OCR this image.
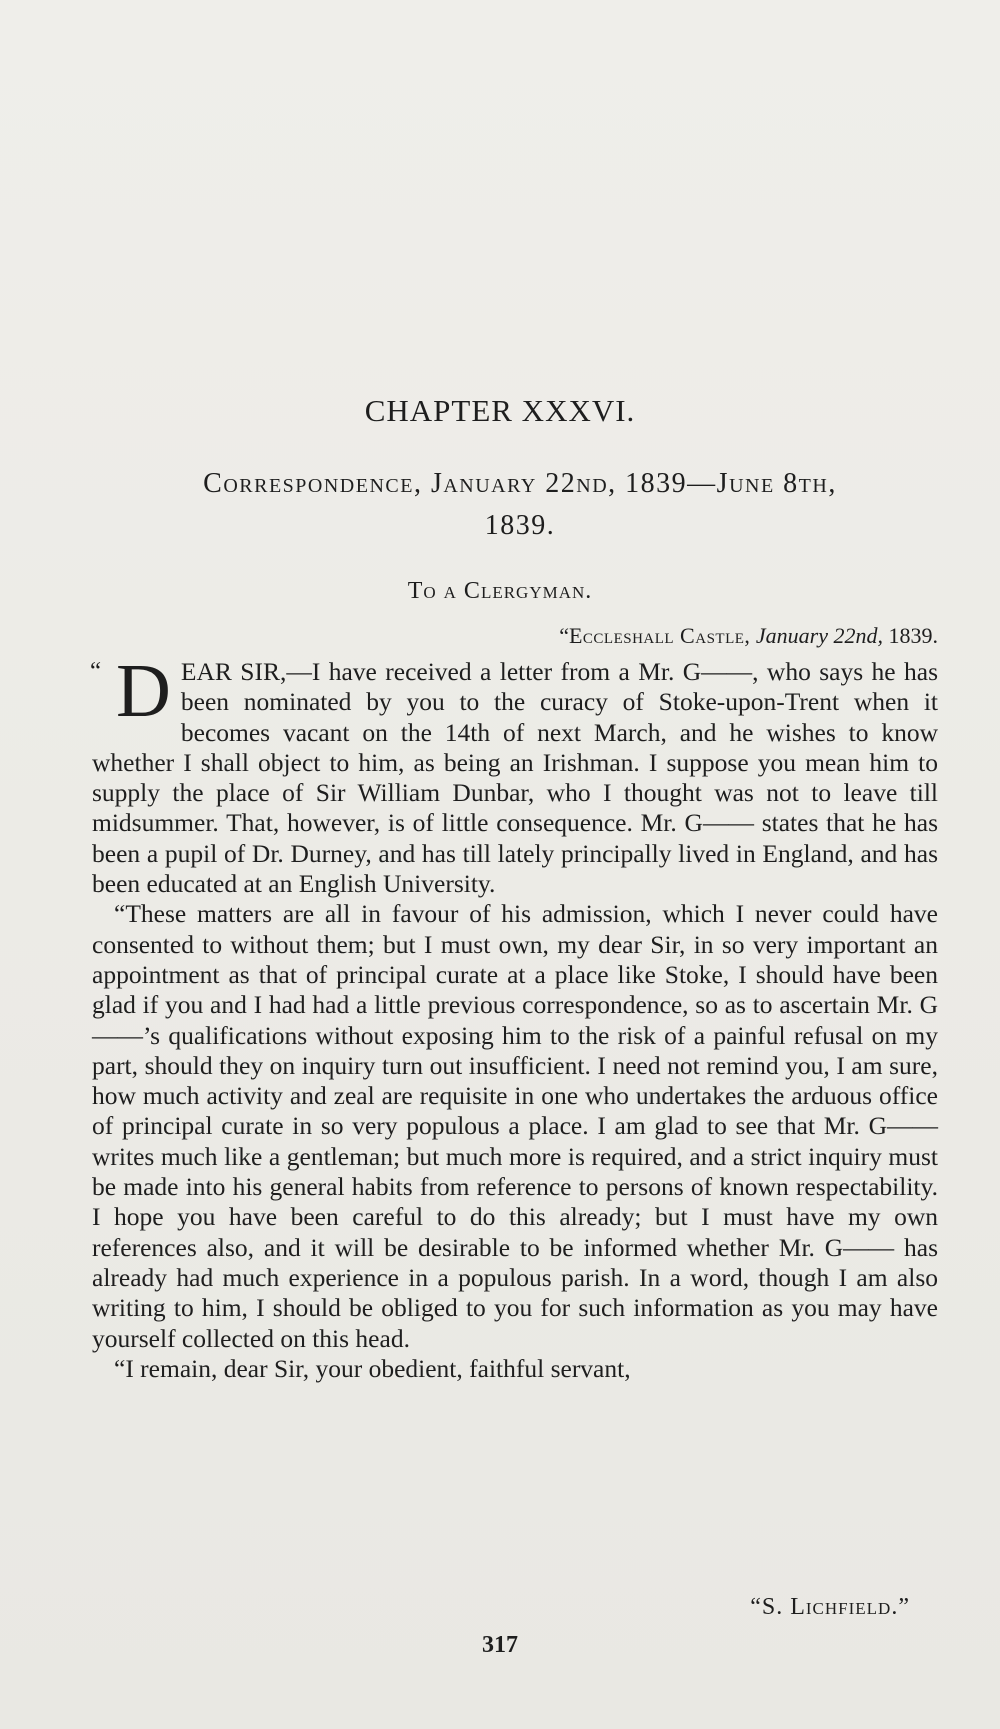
CHAPTER XXXVI.
Correspondence, January 22nd, 1839—June 8th,
1839.
To a Clergyman.
“Eccleshall Castle, January 22nd, 1839.
“ DEAR SIR,—I have received a letter from a Mr. G——, who says he has been nominated by you to the curacy of Stoke-upon-Trent when it becomes vacant on the 14th of next March, and he wishes to know whether I shall object to him, as being an Irishman. I suppose you mean him to supply the place of Sir William Dunbar, who I thought was not to leave till midsummer. That, however, is of little consequence. Mr. G—— states that he has been a pupil of Dr. Durney, and has till lately principally lived in England, and has been educated at an English University.

“These matters are all in favour of his admission, which I never could have consented to without them; but I must own, my dear Sir, in so very important an appointment as that of principal curate at a place like Stoke, I should have been glad if you and I had had a little previous correspondence, so as to ascertain Mr. G——’s qualifications without exposing him to the risk of a painful refusal on my part, should they on inquiry turn out insufficient. I need not remind you, I am sure, how much activity and zeal are requisite in one who undertakes the arduous office of principal curate in so very populous a place. I am glad to see that Mr. G—— writes much like a gentleman; but much more is required, and a strict inquiry must be made into his general habits from reference to persons of known respectability. I hope you have been careful to do this already; but I must have my own references also, and it will be desirable to be informed whether Mr. G—— has already had much experience in a populous parish. In a word, though I am also writing to him, I should be obliged to you for such information as you may have yourself collected on this head.

“I remain, dear Sir, your obedient, faithful servant,

“S. Lichfield.”
317
